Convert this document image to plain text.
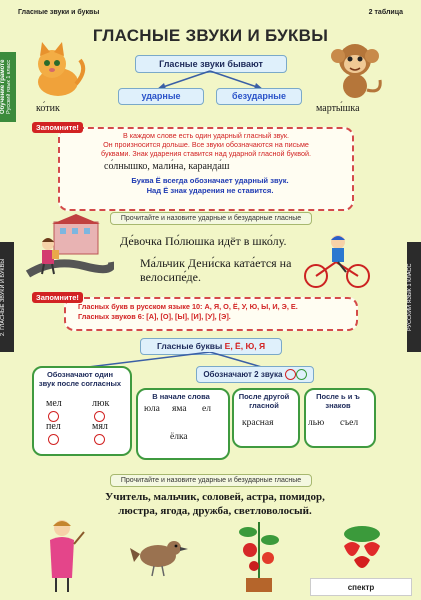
Обучение грамоте Русский язык 1 класс
2. ГЛАСНЫЕ ЗВУКИ И БУКВЫ	РУССКИЙ ЯЗЫК 1 КЛАСС
Гласные звуки и буквы	2 таблица
ГЛАСНЫЕ ЗВУКИ И БУКВЫ
ко́тик	марты́шка
Гласные звуки бывают
ударные	безударные
Запомните!
В каждом слове есть один ударный гласный звук.
Он произносится дольше. Все звуки обозначаются на письме
буквами. Знак ударения ставится над ударной гласной буквой.
со́лнышко, мали́на, каранда́ш
Буква Ё всегда обозначает ударный звук.
Над Ё знак ударения не ставится.
Прочитайте и назовите ударные и безударные гласные
Де́вочка По́люшка идёт в шко́лу.
Ма́льчик Дени́ска ката́ется на велосипе́де.
Запомните!
Гласных букв в русском языке 10: А, Я, О, Ё, У, Ю, Ы, И, Э, Е.
Гласных звуков 6: [А], [О], [Ы], [И], [У], [Э].
Гласные буквы Е, Ё, Ю, Я
Обозначают один звук после согласных
мел	люк
пел	мял
Обозначают 2 звука
В начале слова
юла яма ел
ёлка
После другой гласной
красная
После ь и ъ знаков
лью съел
Прочитайте и назовите ударные и безударные гласные
Учитель, мальчик, соловей, астра, помидор,
люстра, ягода, дружба, светловолосый.
спектр
